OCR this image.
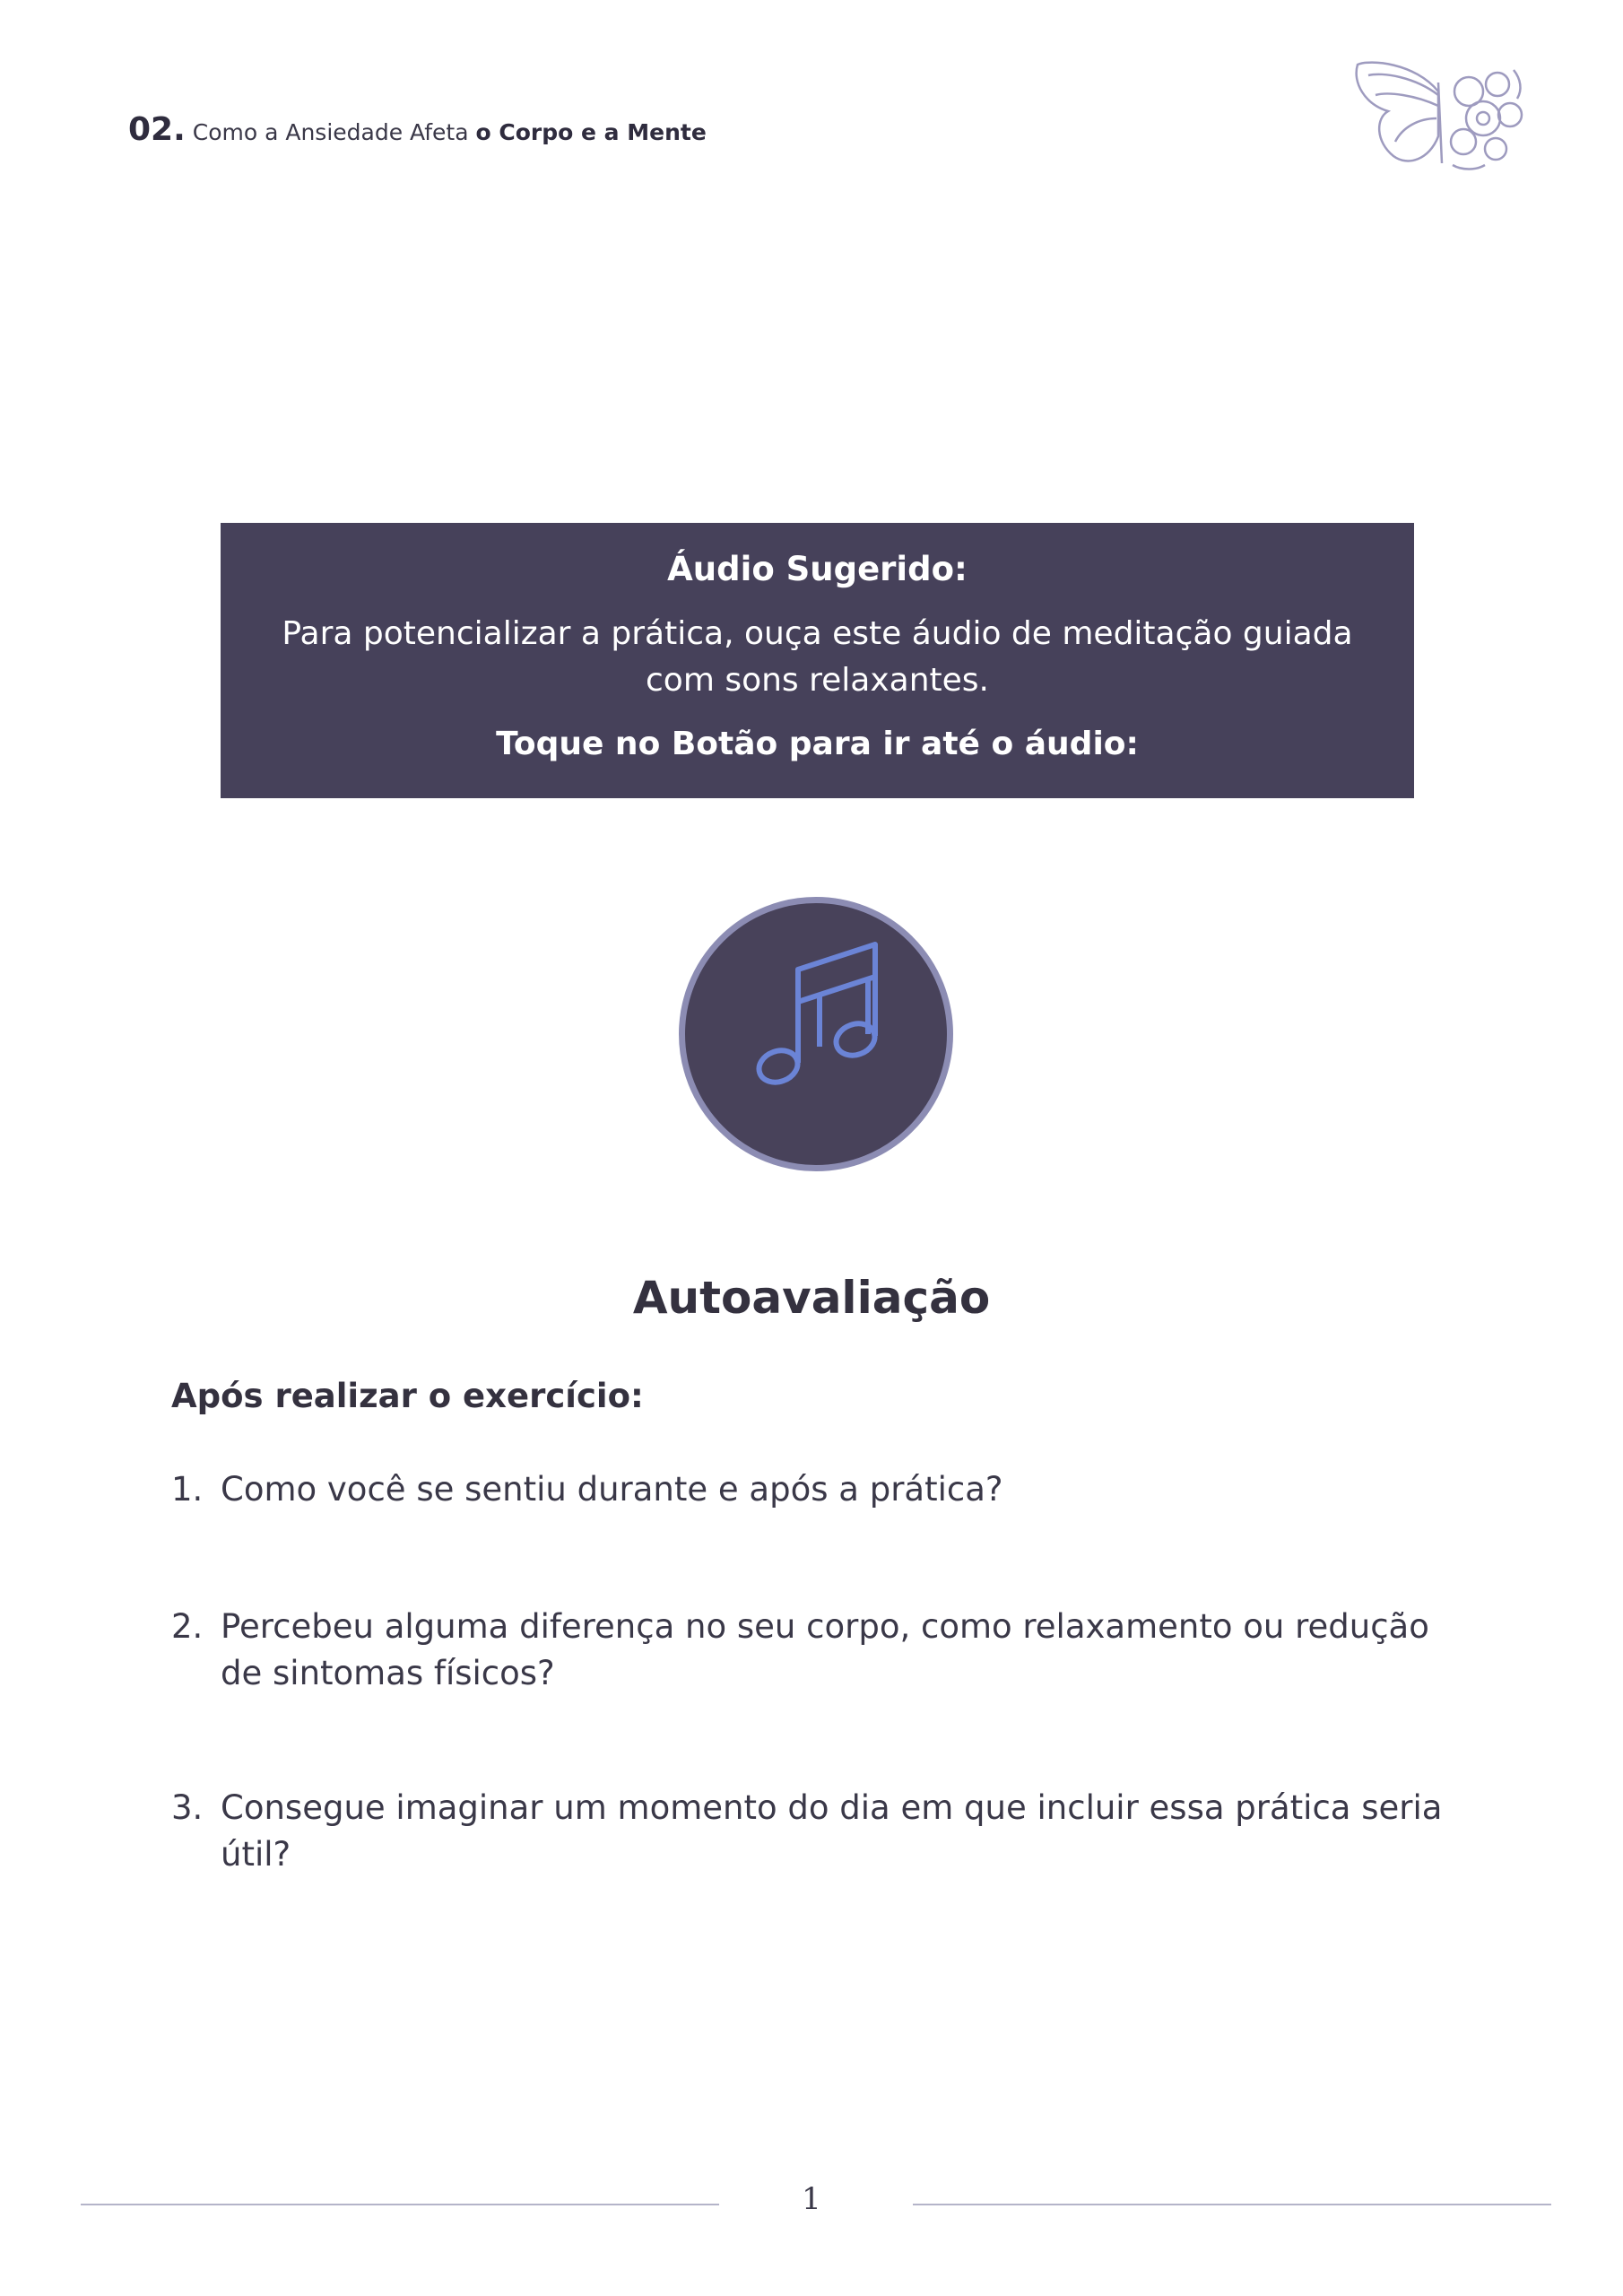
02. Como a Ansiedade Afeta o Corpo e a Mente
Áudio Sugerido:
Para potencializar a prática, ouça este áudio de meditação guiada com sons relaxantes.
Toque no Botão para ir até o áudio:
Autoavaliação
Após realizar o exercício:
1. Como você se sentiu durante e após a prática?
2. Percebeu alguma diferença no seu corpo, como relaxamento ou redução de sintomas físicos?
3. Consegue imaginar um momento do dia em que incluir essa prática seria útil?
1
